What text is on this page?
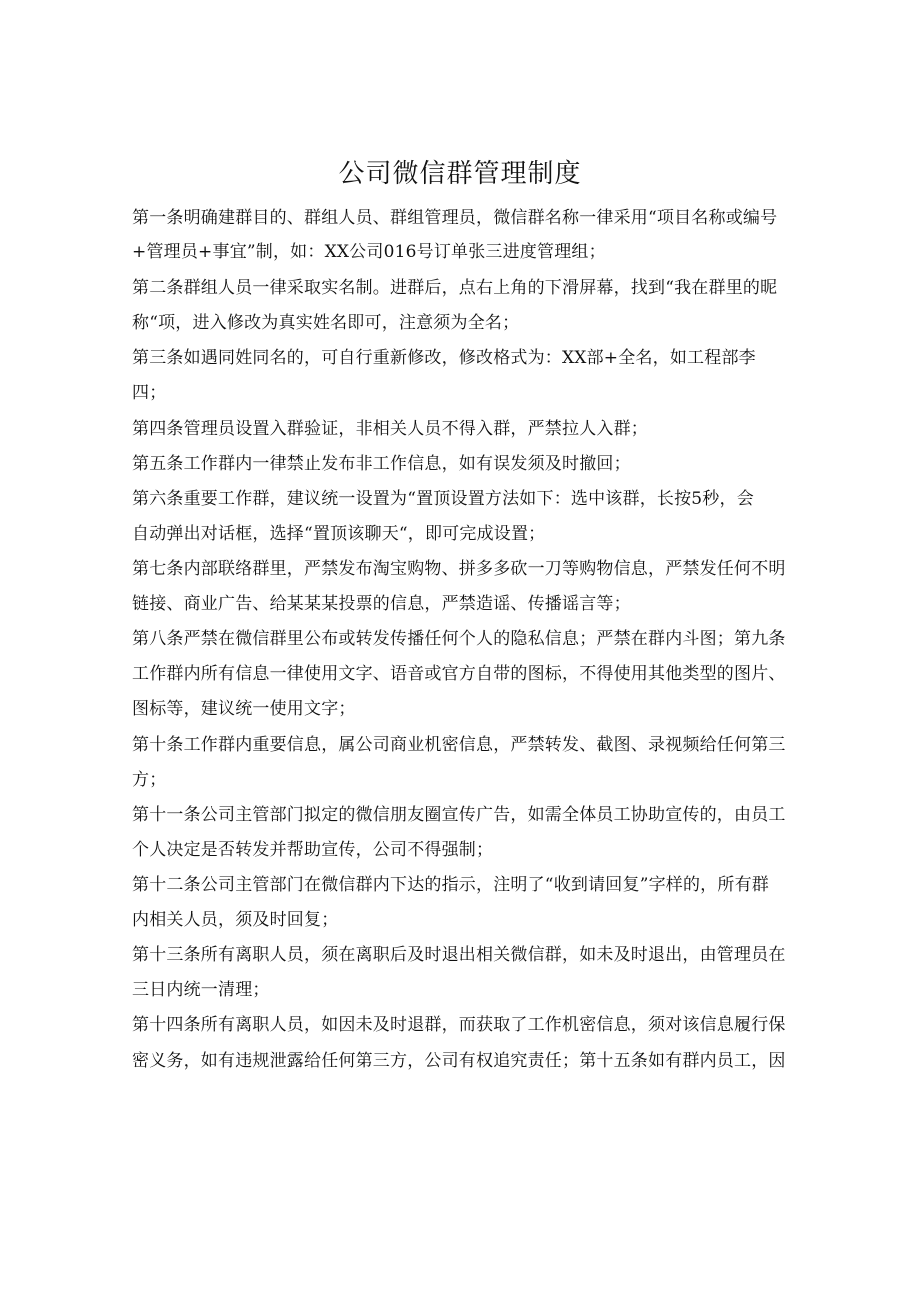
公司微信群管理制度
第一条明确建群目的、群组人员、群组管理员，微信群名称一律采用“项目名称或编号
+管理员+事宜”制，如：XX公司016号订单张三进度管理组；
第二条群组人员一律采取实名制。进群后，点右上角的下滑屏幕，找到“我在群里的昵
称“项，进入修改为真实姓名即可，注意须为全名；
第三条如遇同姓同名的，可自行重新修改，修改格式为：XX部+全名，如工程部李
四；
第四条管理员设置入群验证，非相关人员不得入群，严禁拉人入群；
第五条工作群内一律禁止发布非工作信息，如有误发须及时撤回；
第六条重要工作群，建议统一设置为“置顶设置方法如下：选中该群，长按5秒，会
自动弹出对话框，选择“置顶该聊天“，即可完成设置；
第七条内部联络群里，严禁发布淘宝购物、拼多多砍一刀等购物信息，严禁发任何不明
链接、商业广告、给某某某投票的信息，严禁造谣、传播谣言等；
第八条严禁在微信群里公布或转发传播任何个人的隐私信息；严禁在群内斗图；第九条
工作群内所有信息一律使用文字、语音或官方自带的图标，不得使用其他类型的图片、
图标等，建议统一使用文字；
第十条工作群内重要信息，属公司商业机密信息，严禁转发、截图、录视频给任何第三
方；
第十一条公司主管部门拟定的微信朋友圈宣传广告，如需全体员工协助宣传的，由员工
个人决定是否转发并帮助宣传，公司不得强制；
第十二条公司主管部门在微信群内下达的指示，注明了“收到请回复”字样的，所有群
内相关人员，须及时回复；
第十三条所有离职人员，须在离职后及时退出相关微信群，如未及时退出，由管理员在
三日内统一清理；
第十四条所有离职人员，如因未及时退群，而获取了工作机密信息，须对该信息履行保
密义务，如有违规泄露给任何第三方，公司有权追究责任；第十五条如有群内员工，因
